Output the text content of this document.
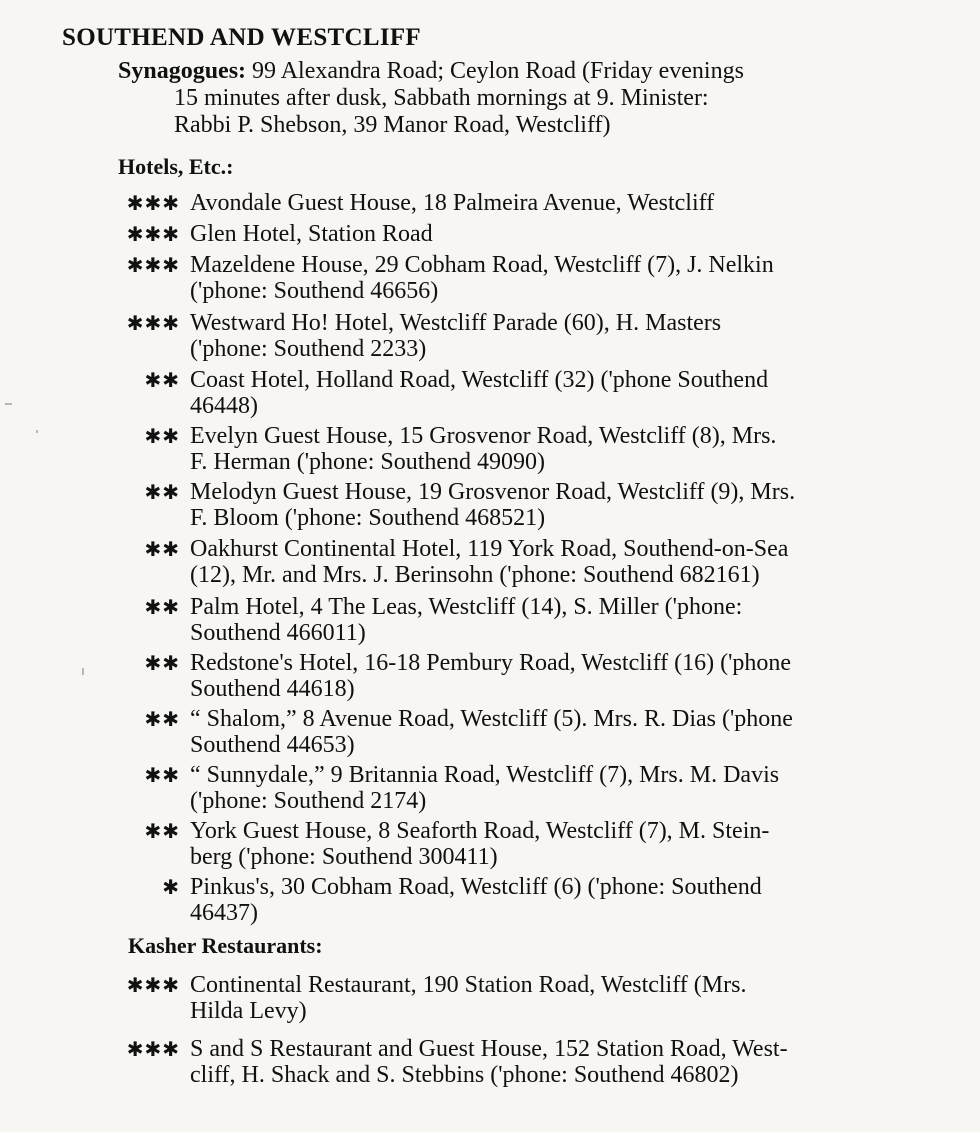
SOUTHEND AND WESTCLIFF
Synagogues: 99 Alexandra Road; Ceylon Road (Friday evenings
15 minutes after dusk, Sabbath mornings at 9. Minister:
Rabbi P. Shebson, 39 Manor Road, Westcliff)
Hotels, Etc.:
✱✱✱ Avondale Guest House, 18 Palmeira Avenue, Westcliff
✱✱✱ Glen Hotel, Station Road
✱✱✱ Mazeldene House, 29 Cobham Road, Westcliff (7), J. Nelkin
('phone: Southend 46656)
✱✱✱ Westward Ho! Hotel, Westcliff Parade (60), H. Masters
('phone: Southend 2233)
✱✱ Coast Hotel, Holland Road, Westcliff (32) ('phone Southend
46448)
✱✱ Evelyn Guest House, 15 Grosvenor Road, Westcliff (8), Mrs.
F. Herman ('phone: Southend 49090)
✱✱ Melodyn Guest House, 19 Grosvenor Road, Westcliff (9), Mrs.
F. Bloom ('phone: Southend 468521)
✱✱ Oakhurst Continental Hotel, 119 York Road, Southend-on-Sea
(12), Mr. and Mrs. J. Berinsohn ('phone: Southend 682161)
✱✱ Palm Hotel, 4 The Leas, Westcliff (14), S. Miller ('phone:
Southend 466011)
✱✱ Redstone's Hotel, 16-18 Pembury Road, Westcliff (16) ('phone
Southend 44618)
✱✱ “ Shalom,” 8 Avenue Road, Westcliff (5). Mrs. R. Dias ('phone
Southend 44653)
✱✱ “ Sunnydale,” 9 Britannia Road, Westcliff (7), Mrs. M. Davis
('phone: Southend 2174)
✱✱ York Guest House, 8 Seaforth Road, Westcliff (7), M. Stein-
berg ('phone: Southend 300411)
✱ Pinkus's, 30 Cobham Road, Westcliff (6) ('phone: Southend
46437)
Kasher Restaurants:
✱✱✱ Continental Restaurant, 190 Station Road, Westcliff (Mrs.
Hilda Levy)
✱✱✱ S and S Restaurant and Guest House, 152 Station Road, West-
cliff, H. Shack and S. Stebbins ('phone: Southend 46802)
